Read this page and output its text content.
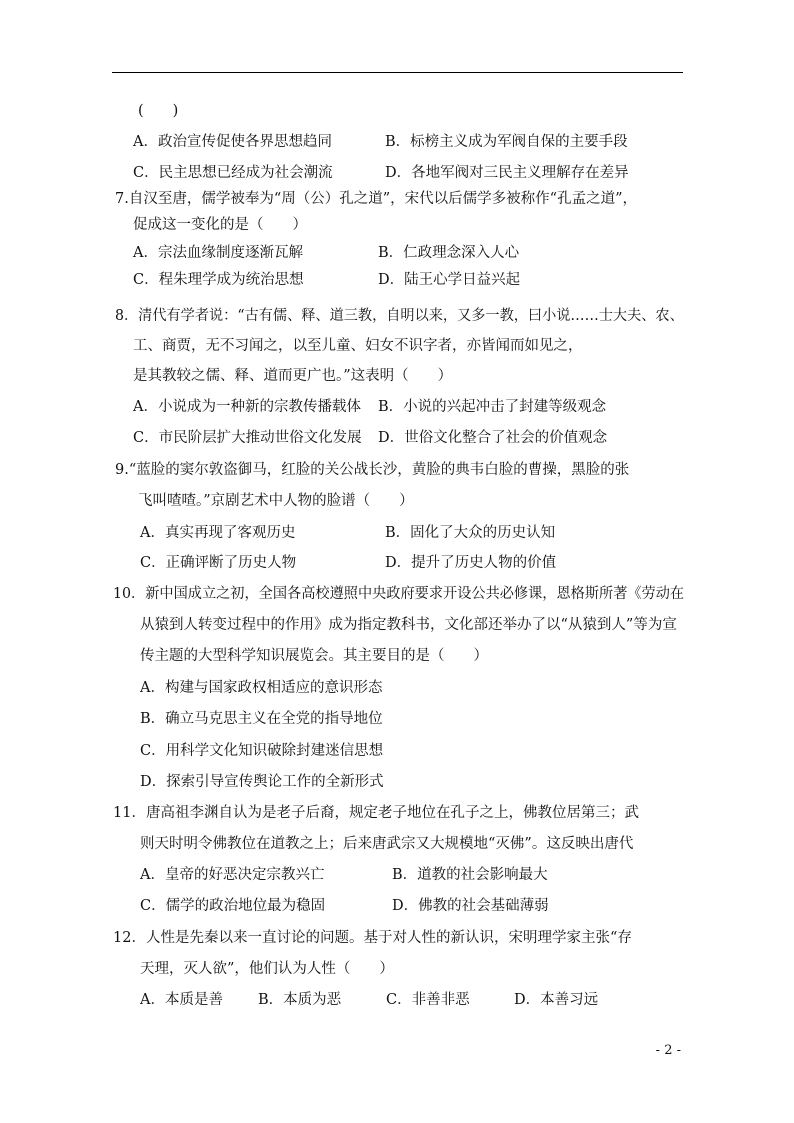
(　　)
A．政治宣传促使各界思想趋同	B．标榜主义成为军阀自保的主要手段
C．民主思想已经成为社会潮流	D．各地军阀对三民主义理解存在差异
7.自汉至唐，儒学被奉为“周（公）孔之道”，宋代以后儒学多被称作“孔孟之道”，
促成这一变化的是（　　）
A．宗法血缘制度逐渐瓦解	B．仁政理念深入人心
C．程朱理学成为统治思想	D．陆王心学日益兴起
8．清代有学者说：“古有儒、释、道三教，自明以来，又多一教，曰小说……士大夫、农、
工、商贾，无不习闻之，以至儿童、妇女不识字者，亦皆闻而如见之，
是其教较之儒、释、道而更广也。”这表明（　　）
A．小说成为一种新的宗教传播载体 B．小说的兴起冲击了封建等级观念
C．市民阶层扩大推动世俗文化发展 D．世俗文化整合了社会的价值观念
9.“蓝脸的窦尔敦盗御马，红脸的关公战长沙，黄脸的典韦白脸的曹操，黑脸的张
飞叫喳喳。”京剧艺术中人物的脸谱（　　）
A．真实再现了客观历史	B．固化了大众的历史认知
C．正确评断了历史人物	D．提升了历史人物的价值
10．新中国成立之初，全国各高校遵照中央政府要求开设公共必修课，恩格斯所著《劳动在
从猿到人转变过程中的作用》成为指定教科书，文化部还举办了以“从猿到人”等为宣
传主题的大型科学知识展览会。其主要目的是（　　）
A．构建与国家政权相适应的意识形态
B．确立马克思主义在全党的指导地位
C．用科学文化知识破除封建迷信思想
D．探索引导宣传舆论工作的全新形式
11．唐高祖李渊自认为是老子后裔，规定老子地位在孔子之上，佛教位居第三；武
则天时明令佛教位在道教之上；后来唐武宗又大规模地“灭佛”。这反映出唐代
A．皇帝的好恶决定宗教兴亡	B．道教的社会影响最大
C．儒学的政治地位最为稳固	D．佛教的社会基础薄弱
12．人性是先秦以来一直讨论的问题。基于对人性的新认识，宋明理学家主张“存
天理，灭人欲”，他们认为人性（　　）
A．本质是善 B．本质为恶	C．非善非恶	D．本善习远
- 2 -
